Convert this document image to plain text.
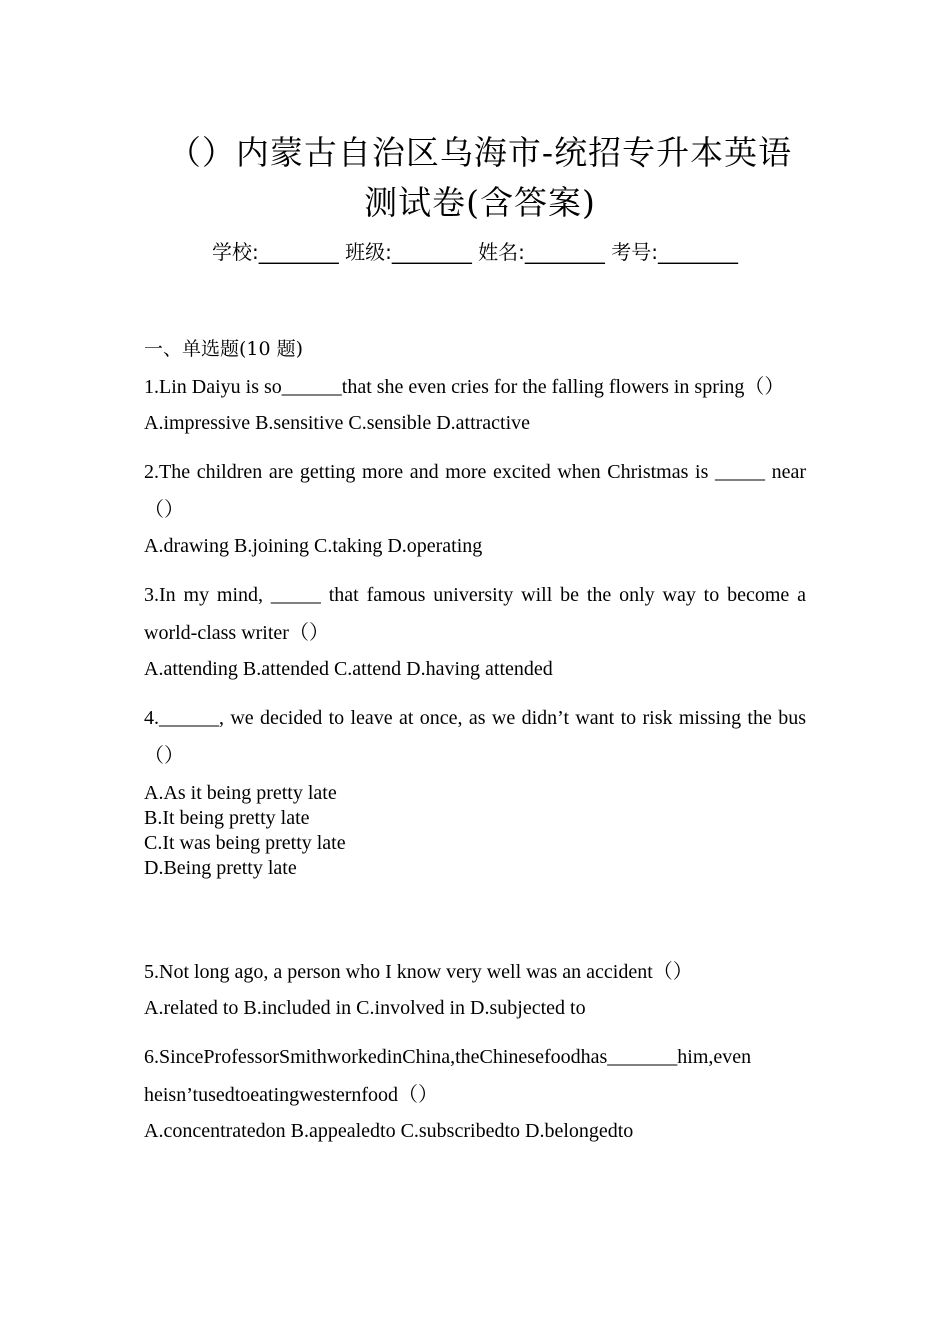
（）内蒙古自治区乌海市-统招专升本英语
测试卷(含答案)
学校:________ 班级:________ 姓名:________ 考号:________
一、单选题(10 题)
1.Lin Daiyu is so______that she even cries for the falling flowers in spring（）
A.impressive B.sensitive C.sensible D.attractive
2.The children are getting more and more excited when Christmas is _____ near（）
A.drawing B.joining C.taking D.operating
3.In my mind, _____ that famous university will be the only way to become a world-class writer（）
A.attending B.attended C.attend D.having attended
4.______, we decided to leave at once, as we didn’t want to risk missing the bus（）
A.As it being pretty late
B.It being pretty late
C.It was being pretty late
D.Being pretty late
5.Not long ago, a person who I know very well was an accident（）
A.related to B.included in C.involved in D.subjected to
6.SinceProfessorSmithworkedinChina,theChinesefoodhas_______him,even heisn’tusedtoeatingwesternfood（）
A.concentratedon B.appealedto C.subscribedto D.belongedto
